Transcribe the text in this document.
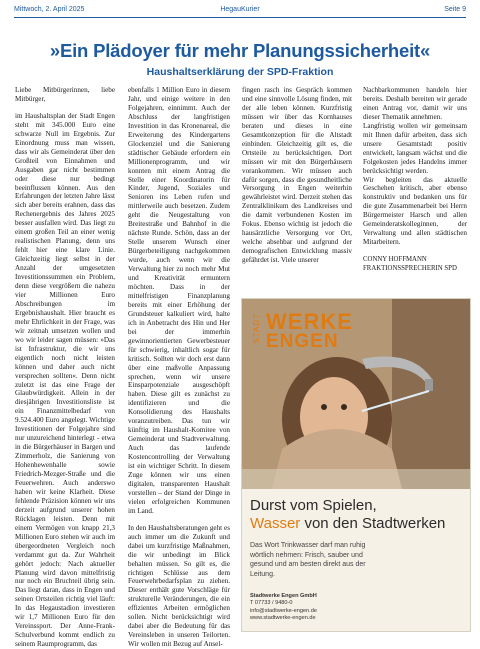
Mittwoch, 2. April 2025	HegauKurier	Seite 9
»Ein Plädoyer für mehr Planungssicherheit«
Haushaltserklärung der SPD-Fraktion

Liebe Mitbürgerinnen, liebe Mitbürger,

im Haushaltsplan der Stadt Engen steht mit 345.000 Euro eine schwarze Null im Ergebnis. Zur Einordnung muss man wissen, dass wir als Gemeinderat über den Großteil von Einnahmen und Ausgaben gar nicht bestimmen oder diese nur bedingt beeinflussen können. Aus den Erfahrungen der letzten Jahre lässt sich aber bereits erahnen, dass das Rechenergebnis des Jahres 2025 besser ausfallen wird. Das liegt zu einem großen Teil an einer wenig realistischen Planung, denn uns fehlt hier eine klare Linie. Gleichzeitig liegt selbst in der Anzahl der umgesetzten Investitionssummen ein Problem, denn diese vergrößern die nahezu vier Millionen Euro Abschreibungen im Ergebnishaushalt. Hier braucht es mehr Ehrlichkeit in der Frage, was wir zeitnah umsetzen wollen und wo wir leider sagen müssen: »Das ist Infrastruktur, die wir uns eigentlich noch nicht leisten können und daher auch nicht versprechen sollten«. Denn nicht zuletzt ist das eine Frage der Glaubwürdigkeit. Allein in der diesjährigen Investitionsliste ist ein Finanzmittelbedarf von 9.524.400 Euro angelegt. Wichtige Investitionen der Folgejahre sind nur unzureichend hinterlegt - etwa in die Bürgerhäuser in Bargen und Zimmerholz, die Sanierung von Hohenhewenhalle sowie Friedrich-Mezger-Straße und die Feuerwehren. Auch anderswo haben wir keine Klarheit. Diese fehlende Präzision können wir uns derzeit aufgrund unserer hohen Rücklagen leisten. Denn mit einem Vermögen von knapp 21,3 Millionen Euro stehen wir auch im übergeordneten Vergleich noch verdammt gut da. Zur Wahrheit gehört jedoch: Nach aktueller Planung wird davon mittelfristig nur noch ein Bruchteil übrig sein. Das liegt daran, dass in Engen und seinen Ortsteilen richtig viel läuft: In das Hegaustadion investieren wir 1,7 Millionen Euro für den Vereinssport. Der Anne-Frank-Schulverbund kommt endlich zu seinem Raumprogramm, das

ebenfalls 1 Million Euro in diesem Jahr, und einige weitere in den Folgejahren, einnimmt. Auch der Abschluss der langfristigen Investition in das Kronenareal, die Erweiterung des Kindergartens Glockenziel und die Sanierung städtischer Gebäude erfordern ein Millionenprogramm, und wir konnten mit einem Antrag die Stelle einer Koordinatorin für Kinder, Jugend, Soziales und Senioren ins Leben rufen und mittlerweile auch besetzen. Zudem geht die Neugestaltung von Breitestraße und Bahnhof in die nächste Runde. Schön, dass an der Stelle unserem Wunsch einer Bürgerbeteiligung nachgekommen wurde, auch wenn wir die Verwaltung hier zu noch mehr Mut und Kreativität ermuntern möchten. Dass in der mittelfristigen Finanzplanung bereits mit einer Erhöhung der Grundsteuer kalkuliert wird, halte ich in Anbetracht des Hin und Her bei der immerhin gewinnorientierten Gewerbesteuer für schwierig, inhaltlich sogar für kritisch. Sollten wir doch erst dann über eine maßvolle Anpassung sprechen, wenn wir unsere Einsparpotenziale ausgeschöpft haben. Diese gilt es zunächst zu identifizieren und die Konsolidierung des Haushalts voranzutreiben. Das tun wir künftig im Haushalt-Komitee von Gemeinderat und Stadtverwaltung. Auch das laufende Kostencontrolling der Verwaltung ist ein wichtiger Schritt. In diesem Zuge können wir uns einen digitalen, transparenten Haushalt vorstellen – der Stand der Dinge in vielen erfolgreichen Kommunen im Land.

In den Haushaltsberatungen geht es auch immer um die Zukunft und dabei um kurzfristige Maßnahmen, die wir unbedingt im Blick behalten müssen. So gilt es, die richtigen Schlüsse aus dem Feuerwehrbedarfsplan zu ziehen. Dieser enthält gute Vorschläge für strukturelle Veränderungen, die ein effizientes Arbeiten ermöglichen sollen. Nicht berücksichtigt wird dabei aber die Bedeutung für das Vereinsleben in unseren Teilorten. Wir wollen mit Bezug auf Ansel-

fingen rasch ins Gespräch kommen und eine sinnvolle Lösung finden, mit der alle leben können. Kurzfristig müssen wir über das Kornhauses beraten und dieses in eine Gesamtkonzeption für die Altstadt einbinden. Gleichzeitig gilt es, die Ortsteile zu berücksichtigen. Dort müssen wir mit den Bürgerhäusern vorankommen. Wir müssen auch dafür sorgen, dass die gesundheitliche Versorgung in Engen weiterhin gewährleistet wird. Derzeit stehen das Zentralklinikum des Landkreises und die damit verbundenen Kosten im Fokus. Ebenso wichtig ist jedoch die hausärztliche Versorgung vor Ort, welche absehbar und aufgrund der demografischen Entwicklung massiv gefährdet ist. Viele unserer

Nachbarkommunen handeln hier bereits. Deshalb bereiten wir gerade einen Antrag vor, damit wir uns dieser Thematik annehmen.

Langfristig wollen wir gemeinsam mit Ihnen dafür arbeiten, dass sich unsere Gesamtstadt positiv entwickelt, langsam wächst und die Folgekosten jedes Handelns immer berücksichtigt werden.

Wir begleiten das aktuelle Geschehen kritisch, aber ebenso konstruktiv und bedanken uns für die gute Zusammenarbeit bei Herrn Bürgermeister Harsch und allen Gemeinderatskolleginnen, der Verwaltung und allen städtischen Mitarbeitern.

CONNY HOFFMANN
FRAKTIONSSPRECHERIN SPD

STADT WERKE
ENGEN
Durst vom Spielen,
Wasser von den Stadtwerken
Das Wort Trinkwasser darf man ruhig wörtlich nehmen: Frisch, sauber und gesund und am besten direkt aus der Leitung.
Stadtwerke Engen GmbH
T 07733 / 9480-0
info@stadtwerke-engen.de
www.stadtwerke-engen.de
